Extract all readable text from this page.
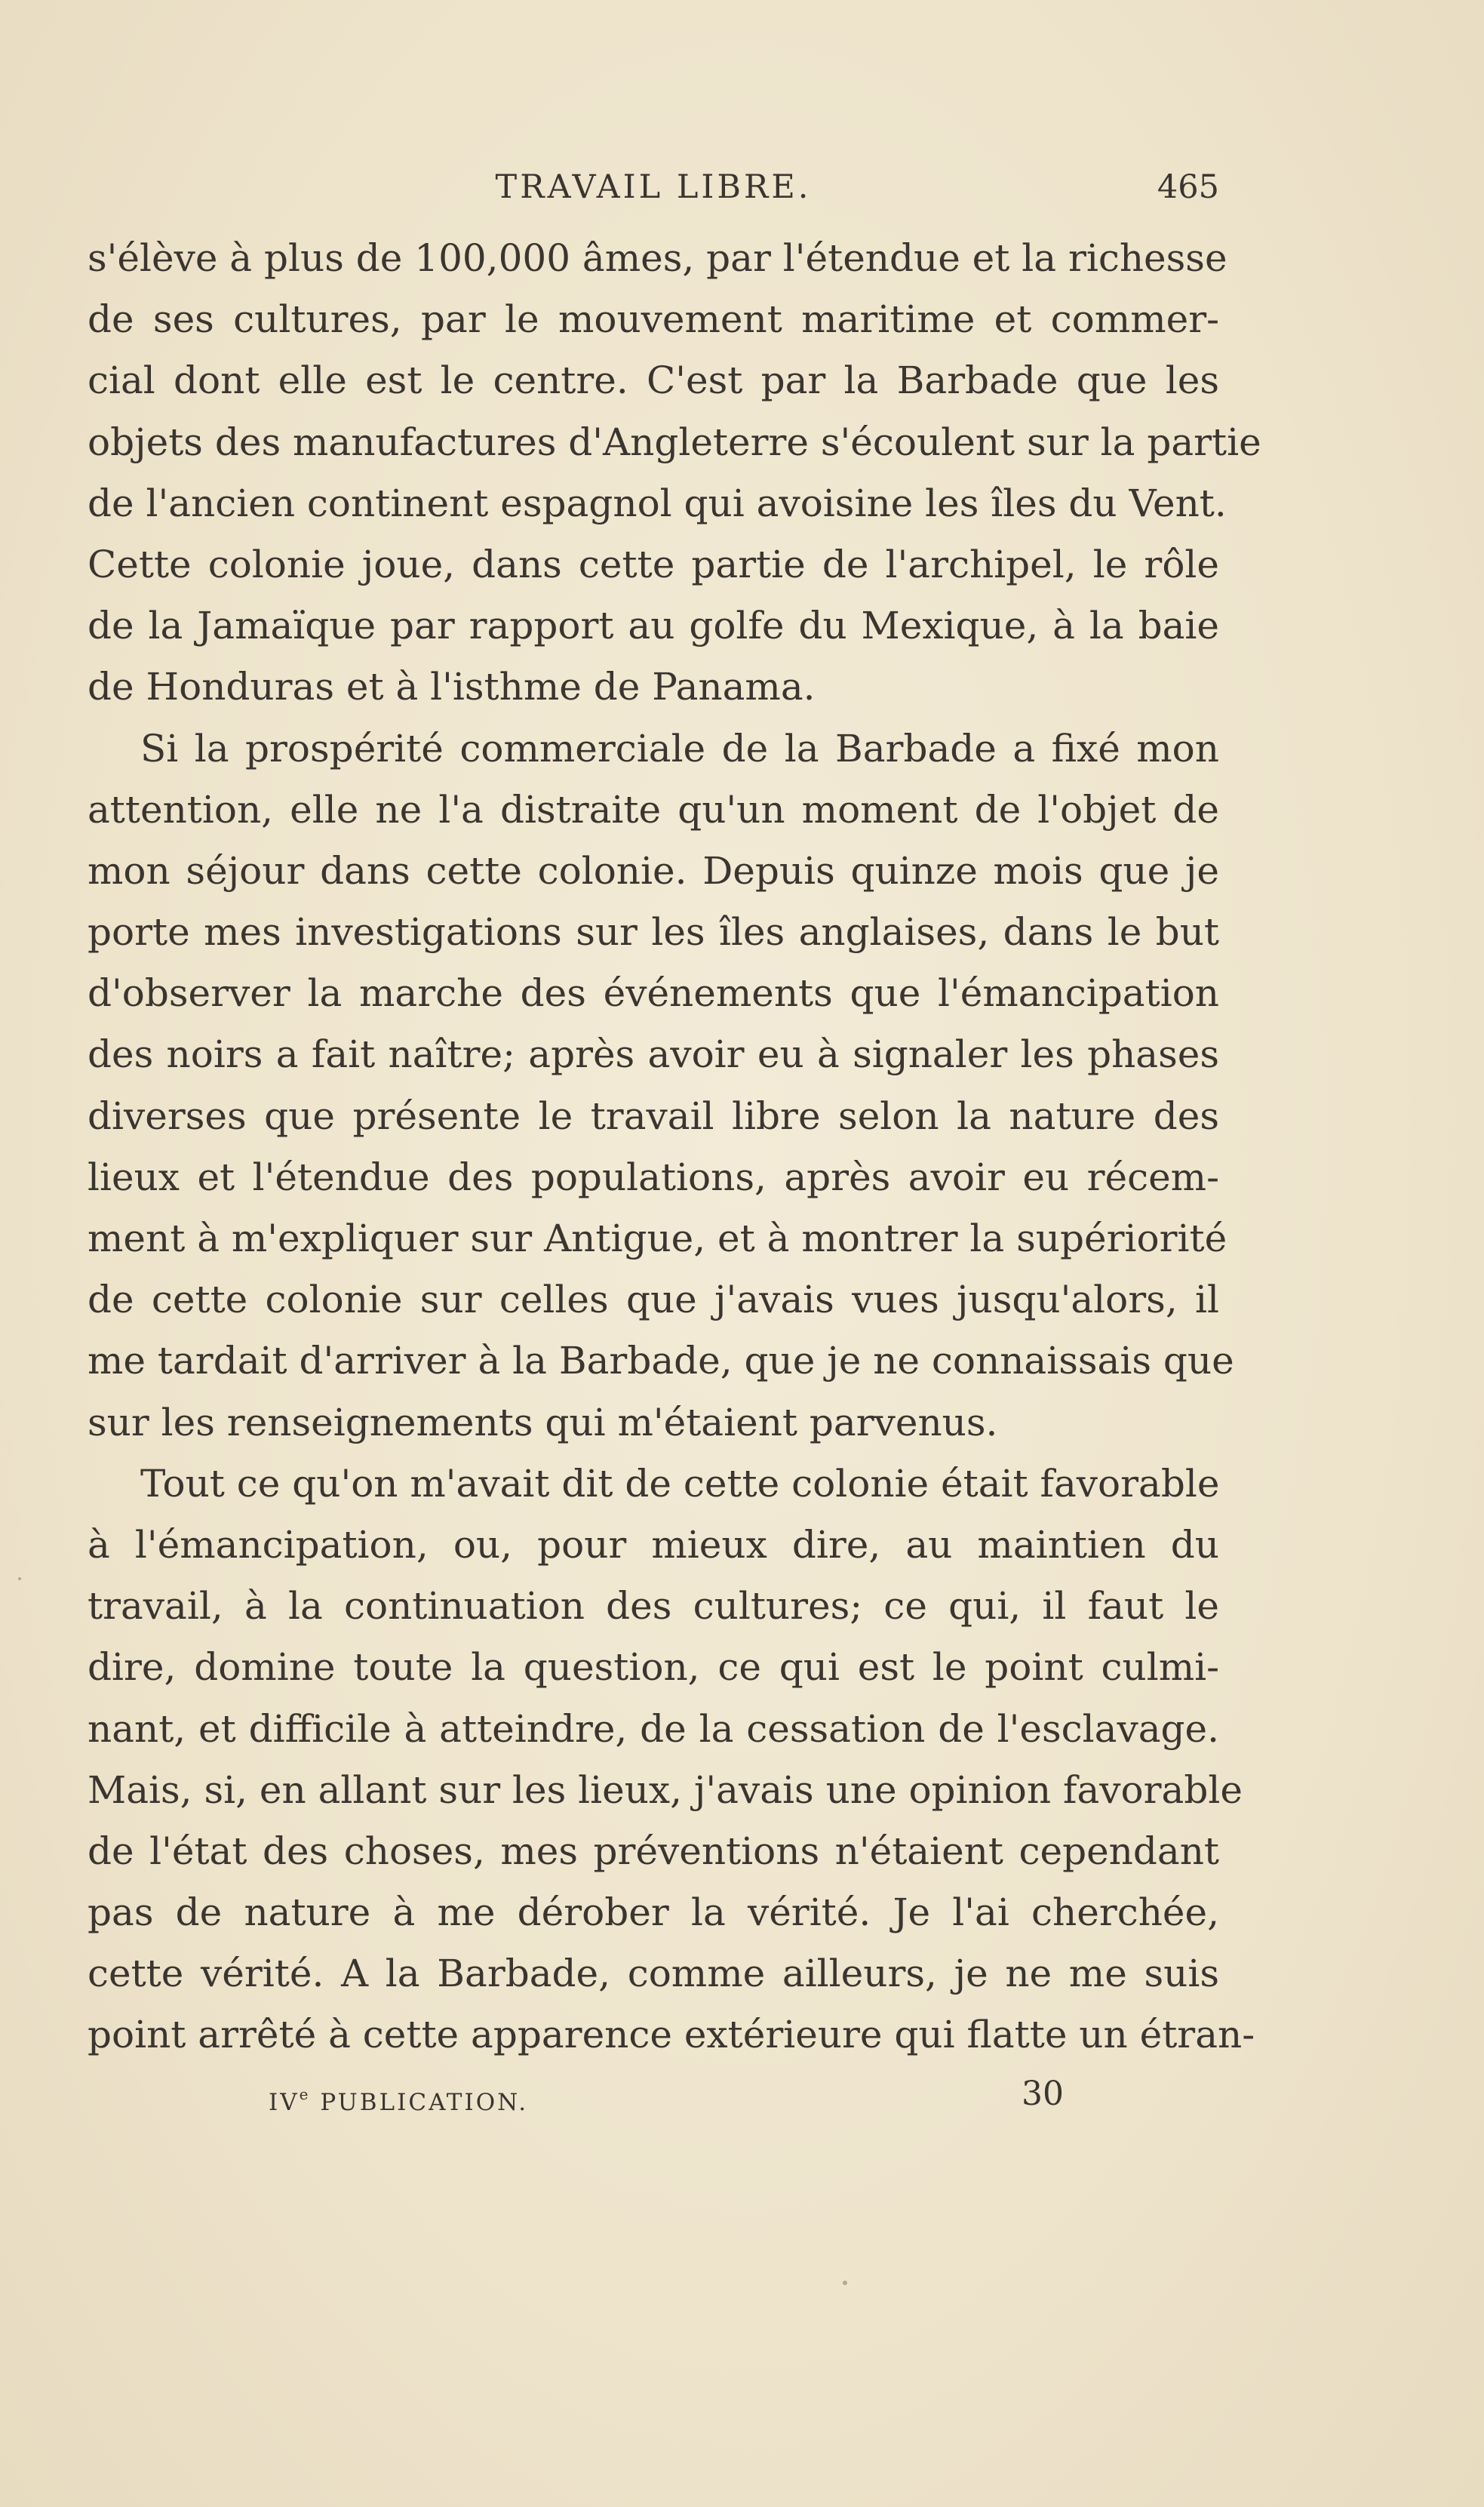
TRAVAIL LIBRE.	465
s'élève à plus de 100,000 âmes, par l'étendue et la richesse
de ses cultures, par le mouvement maritime et commer-
cial dont elle est le centre. C'est par la Barbade que les
objets des manufactures d'Angleterre s'écoulent sur la partie
de l'ancien continent espagnol qui avoisine les îles du Vent.
Cette colonie joue, dans cette partie de l'archipel, le rôle
de la Jamaïque par rapport au golfe du Mexique, à la baie
de Honduras et à l'isthme de Panama.
Si la prospérité commerciale de la Barbade a fixé mon
attention, elle ne l'a distraite qu'un moment de l'objet de
mon séjour dans cette colonie. Depuis quinze mois que je
porte mes investigations sur les îles anglaises, dans le but
d'observer la marche des événements que l'émancipation
des noirs a fait naître; après avoir eu à signaler les phases
diverses que présente le travail libre selon la nature des
lieux et l'étendue des populations, après avoir eu récem-
ment à m'expliquer sur Antigue, et à montrer la supériorité
de cette colonie sur celles que j'avais vues jusqu'alors, il
me tardait d'arriver à la Barbade, que je ne connaissais que
sur les renseignements qui m'étaient parvenus.
Tout ce qu'on m'avait dit de cette colonie était favorable
à l'émancipation, ou, pour mieux dire, au maintien du
travail, à la continuation des cultures; ce qui, il faut le
dire, domine toute la question, ce qui est le point culmi-
nant, et difficile à atteindre, de la cessation de l'esclavage.
Mais, si, en allant sur les lieux, j'avais une opinion favorable
de l'état des choses, mes préventions n'étaient cependant
pas de nature à me dérober la vérité. Je l'ai cherchée,
cette vérité. A la Barbade, comme ailleurs, je ne me suis
point arrêté à cette apparence extérieure qui flatte un étran-
IVe PUBLICATION.	30
